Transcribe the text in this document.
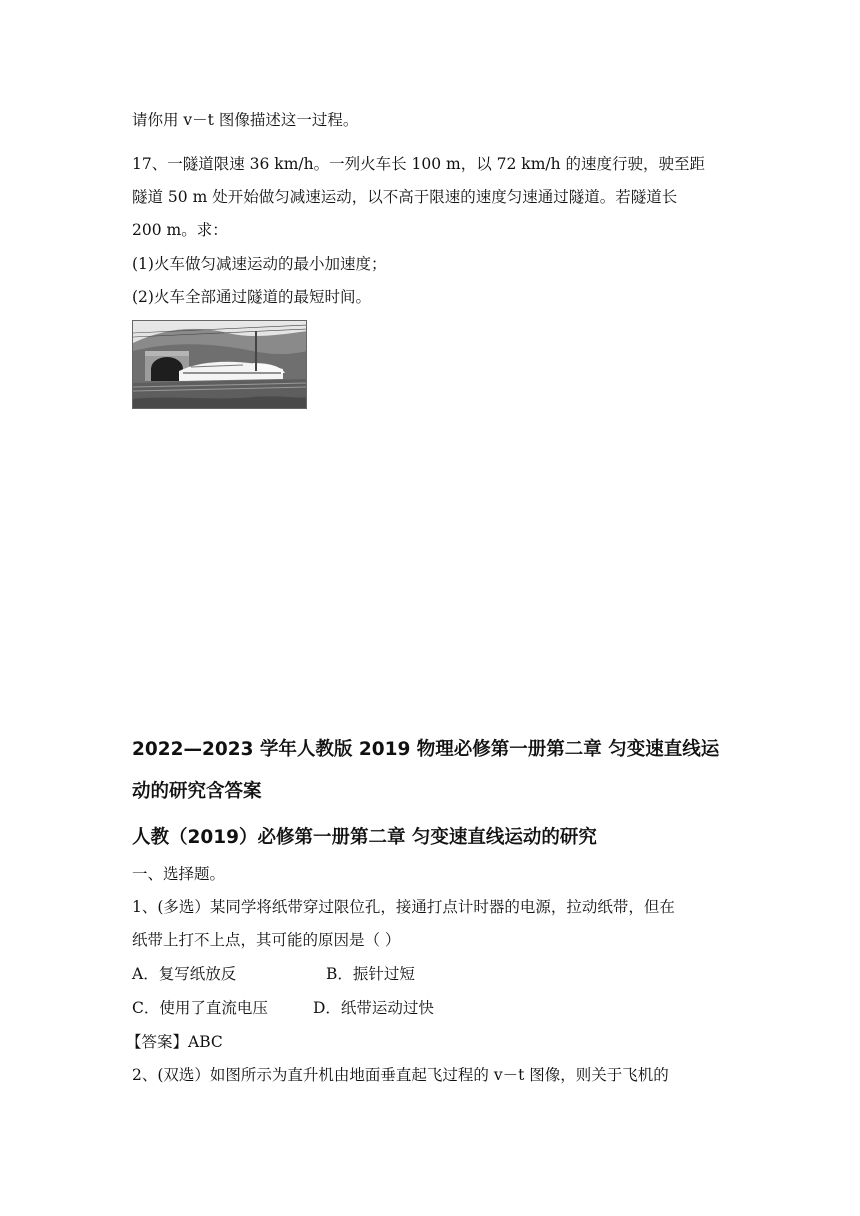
请你用 v－t 图像描述这一过程。
17、一隧道限速 36 km/h。一列火车长 100 m，以 72 km/h 的速度行驶，驶至距
隧道 50 m 处开始做匀减速运动，以不高于限速的速度匀速通过隧道。若隧道长
200 m。求：
(1)火车做匀减速运动的最小加速度；
(2)火车全部通过隧道的最短时间。
2022—2023 学年人教版 2019 物理必修第一册第二章 匀变速直线运
动的研究含答案
人教（2019）必修第一册第二章 匀变速直线运动的研究
一、选择题。
1、(多选）某同学将纸带穿过限位孔，接通打点计时器的电源，拉动纸带，但在
纸带上打不上点，其可能的原因是（ ）
A．复写纸放反	B．振针过短
C．使用了直流电压	D．纸带运动过快
【答案】ABC
2、(双选）如图所示为直升机由地面垂直起飞过程的 v－t 图像，则关于飞机的
